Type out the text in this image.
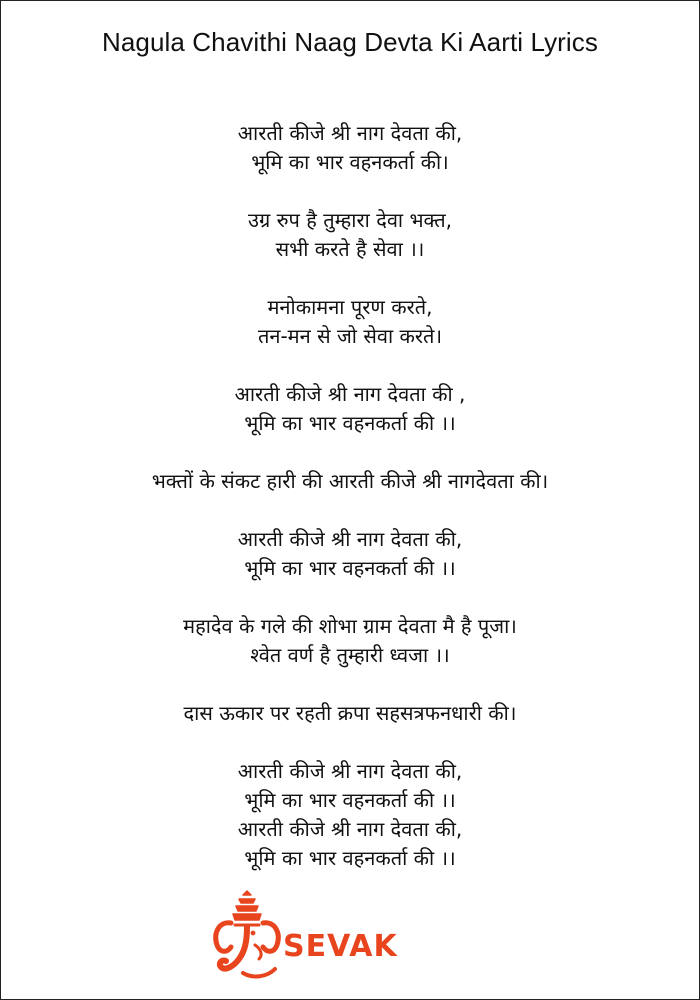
Nagula Chavithi Naag Devta Ki Aarti Lyrics
आरती कीजे श्री नाग देवता की,
भूमि का भार वहनकर्ता की।
उग्र रुप है तुम्हारा देवा भक्त,
सभी करते है सेवा ।।
मनोकामना पूरण करते,
तन-मन से जो सेवा करते।
आरती कीजे श्री नाग देवता की ,
भूमि का भार वहनकर्ता की ।।
भक्तों के संकट हारी की आरती कीजे श्री नागदेवता की।
आरती कीजे श्री नाग देवता की,
भूमि का भार वहनकर्ता की ।।
महादेव के गले की शोभा ग्राम देवता मै है पूजा।
श्वेत वर्ण है तुम्हारी ध्वजा ।।
दास ऊकार पर रहती क्रपा सहसत्रफनधारी की।
आरती कीजे श्री नाग देवता की,
भूमि का भार वहनकर्ता की ।।
आरती कीजे श्री नाग देवता की,
भूमि का भार वहनकर्ता की ।।
SEVAK
